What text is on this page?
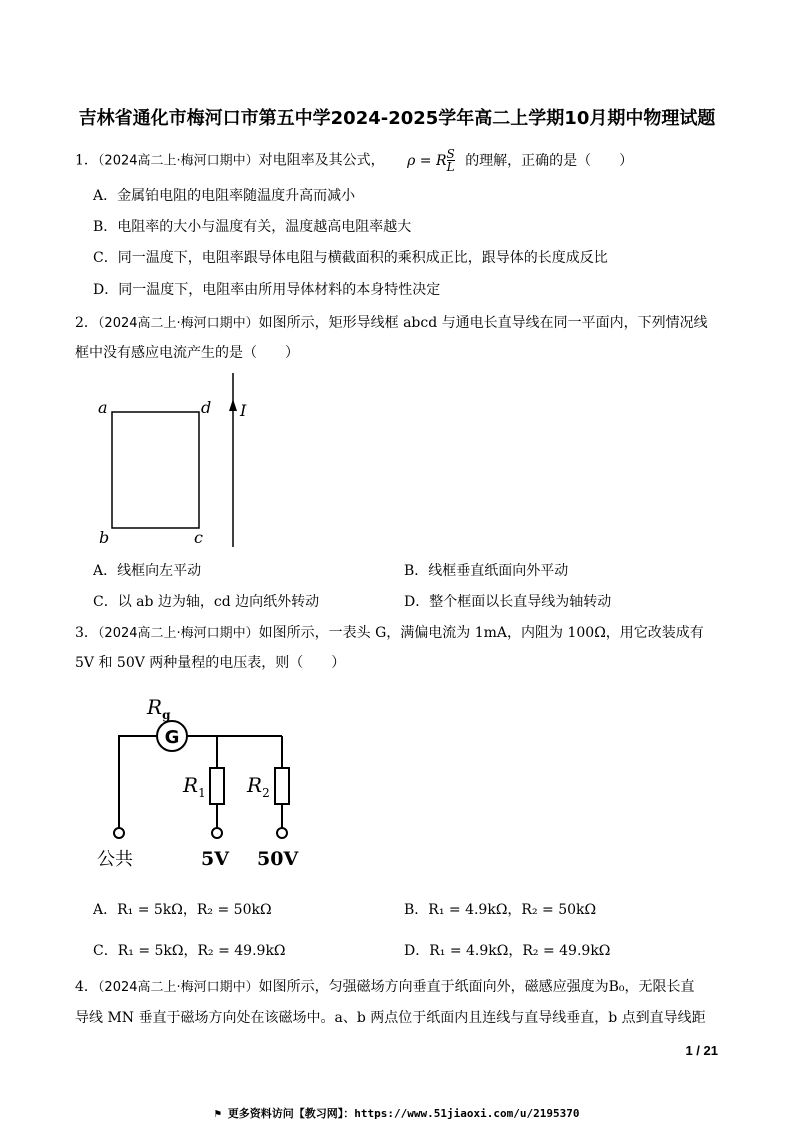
吉林省通化市梅河口市第五中学2024-2025学年高二上学期10月期中物理试题
1．（2024高二上·梅河口期中）对电阻率及其公式， ρ = R $\frac{S}{L}$ 的理解，正确的是（　　）
A．金属铂电阻的电阻率随温度升高而减小
B．电阻率的大小与温度有关，温度越高电阻率越大
C．同一温度下，电阻率跟导体电阻与横截面积的乘积成正比，跟导体的长度成反比
D．同一温度下，电阻率由所用导体材料的本身特性决定
2．（2024高二上·梅河口期中）如图所示，矩形导线框 abcd 与通电长直导线在同一平面内，下列情况线
框中没有感应电流产生的是（　　）
a	d
b	c
I
A．线框向左平动	B．线框垂直纸面向外平动
C．以 ab 边为轴，cd 边向纸外转动	D．整个框面以长直导线为轴转动
3．（2024高二上·梅河口期中）如图所示，一表头 G，满偏电流为 1mA，内阻为 100Ω，用它改装成有
5V 和 50V 两种量程的电压表，则（　　）
G
$R_g$
$R_1$ $R_2$
公共	5V 50V
A．R₁ = 5kΩ，R₂ = 50kΩ	B．R₁ = 4.9kΩ，R₂ = 50kΩ
C．R₁ = 5kΩ，R₂ = 49.9kΩ	D．R₁ = 4.9kΩ，R₂ = 49.9kΩ
4．（2024高二上·梅河口期中）如图所示，匀强磁场方向垂直于纸面向外，磁感应强度为B₀，无限长直
导线 MN 垂直于磁场方向处在该磁场中。a、b 两点位于纸面内且连线与直导线垂直，b 点到直导线距
1 / 21
⚑ 更多资料访问【教习网】：https://www.51jiaoxi.com/u/2195370
